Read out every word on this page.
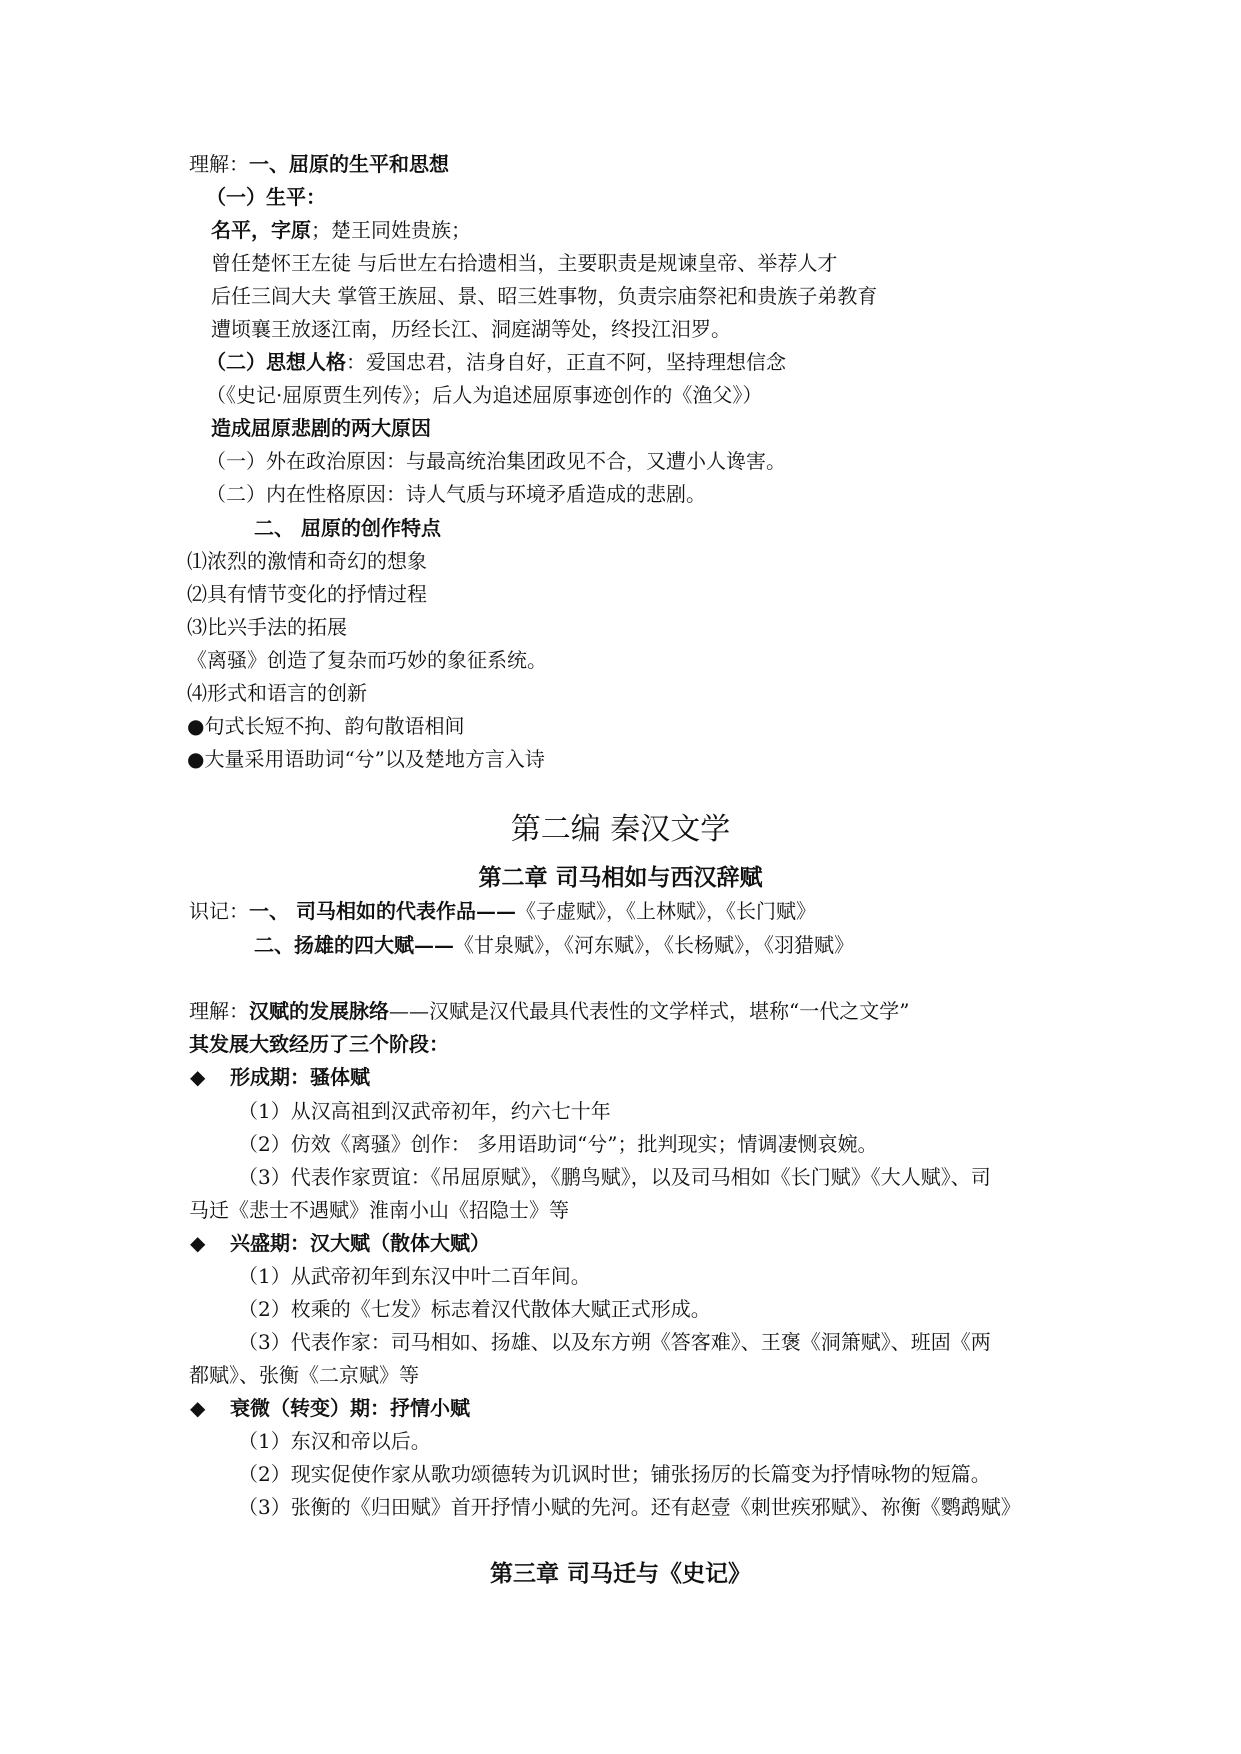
理解：一、屈原的生平和思想
（一）生平：
名平，字原；楚王同姓贵族；
曾任楚怀王左徒 与后世左右拾遗相当，主要职责是规谏皇帝、举荐人才
后任三闾大夫 掌管王族屈、景、昭三姓事物，负责宗庙祭祀和贵族子弟教育
遭顷襄王放逐江南，历经长江、洞庭湖等处，终投江汨罗。
（二）思想人格：爱国忠君，洁身自好，正直不阿，坚持理想信念
（《史记·屈原贾生列传》；后人为追述屈原事迹创作的《渔父》）
造成屈原悲剧的两大原因
（一）外在政治原因：与最高统治集团政见不合，又遭小人谗害。
（二）内在性格原因：诗人气质与环境矛盾造成的悲剧。
二、 屈原的创作特点
⑴浓烈的激情和奇幻的想象
⑵具有情节变化的抒情过程
⑶比兴手法的拓展
《离骚》创造了复杂而巧妙的象征系统。
⑷形式和语言的创新
●句式长短不拘、韵句散语相间
●大量采用语助词“兮”以及楚地方言入诗
第二编 秦汉文学
第二章 司马相如与西汉辞赋
识记：一、 司马相如的代表作品——《子虚赋》，《上林赋》，《长门赋》
二、扬雄的四大赋——《甘泉赋》，《河东赋》，《长杨赋》，《羽猎赋》
理解：汉赋的发展脉络——汉赋是汉代最具代表性的文学样式，堪称“一代之文学”
其发展大致经历了三个阶段：
◆ 形成期：骚体赋
（1）从汉高祖到汉武帝初年，约六七十年
（2）仿效《离骚》创作： 多用语助词“兮”；批判现实；情调凄恻哀婉。
（3）代表作家贾谊：《吊屈原赋》，《鹏鸟赋》，以及司马相如《长门赋》《大人赋》、司
马迁《悲士不遇赋》淮南小山《招隐士》等
◆ 兴盛期：汉大赋（散体大赋）
（1）从武帝初年到东汉中叶二百年间。
（2）枚乘的《七发》标志着汉代散体大赋正式形成。
（3）代表作家：司马相如、扬雄、以及东方朔《答客难》、王褒《洞箫赋》、班固《两
都赋》、张衡《二京赋》等
◆ 衰微（转变）期：抒情小赋
（1）东汉和帝以后。
（2）现实促使作家从歌功颂德转为讥讽时世；铺张扬厉的长篇变为抒情咏物的短篇。
（3）张衡的《归田赋》首开抒情小赋的先河。还有赵壹《刺世疾邪赋》、祢衡《鹦鹉赋》
第三章 司马迁与《史记》
